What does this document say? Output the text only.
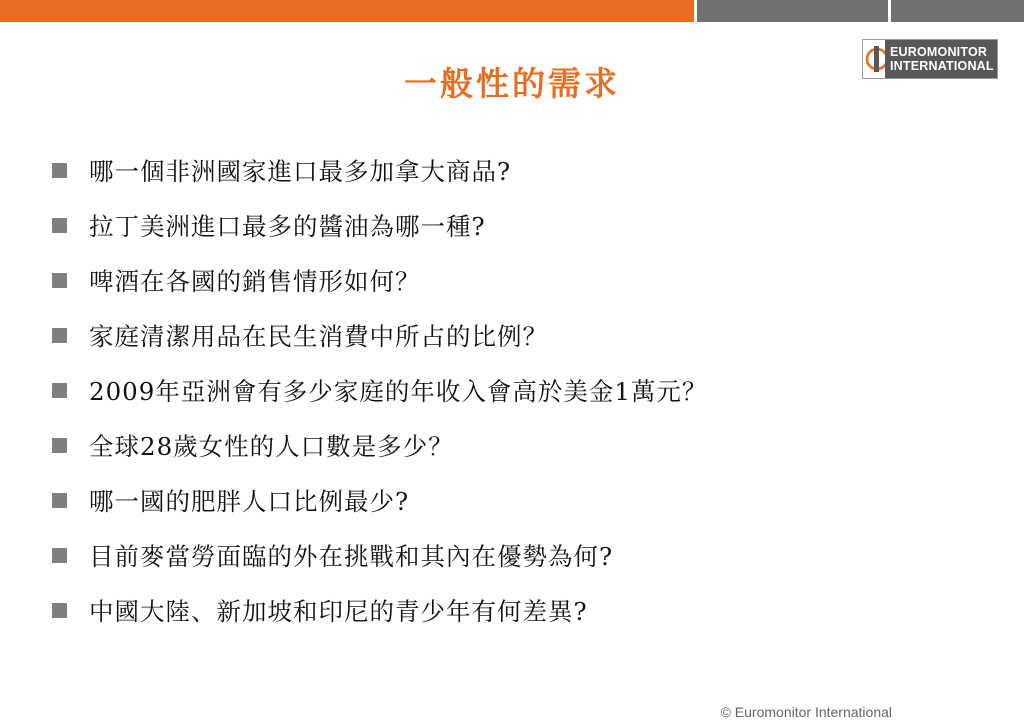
EUROMONITOR
INTERNATIONAL
一般性的需求
哪一個非洲國家進口最多加拿大商品?
拉丁美洲進口最多的醬油為哪一種?
啤酒在各國的銷售情形如何？
家庭清潔用品在民生消費中所占的比例？
2009年亞洲會有多少家庭的年收入會高於美金1萬元？
全球28歲女性的人口數是多少？
哪一國的肥胖人口比例最少?
目前麥當勞面臨的外在挑戰和其內在優勢為何?
中國大陸、新加坡和印尼的青少年有何差異?
© Euromonitor International
